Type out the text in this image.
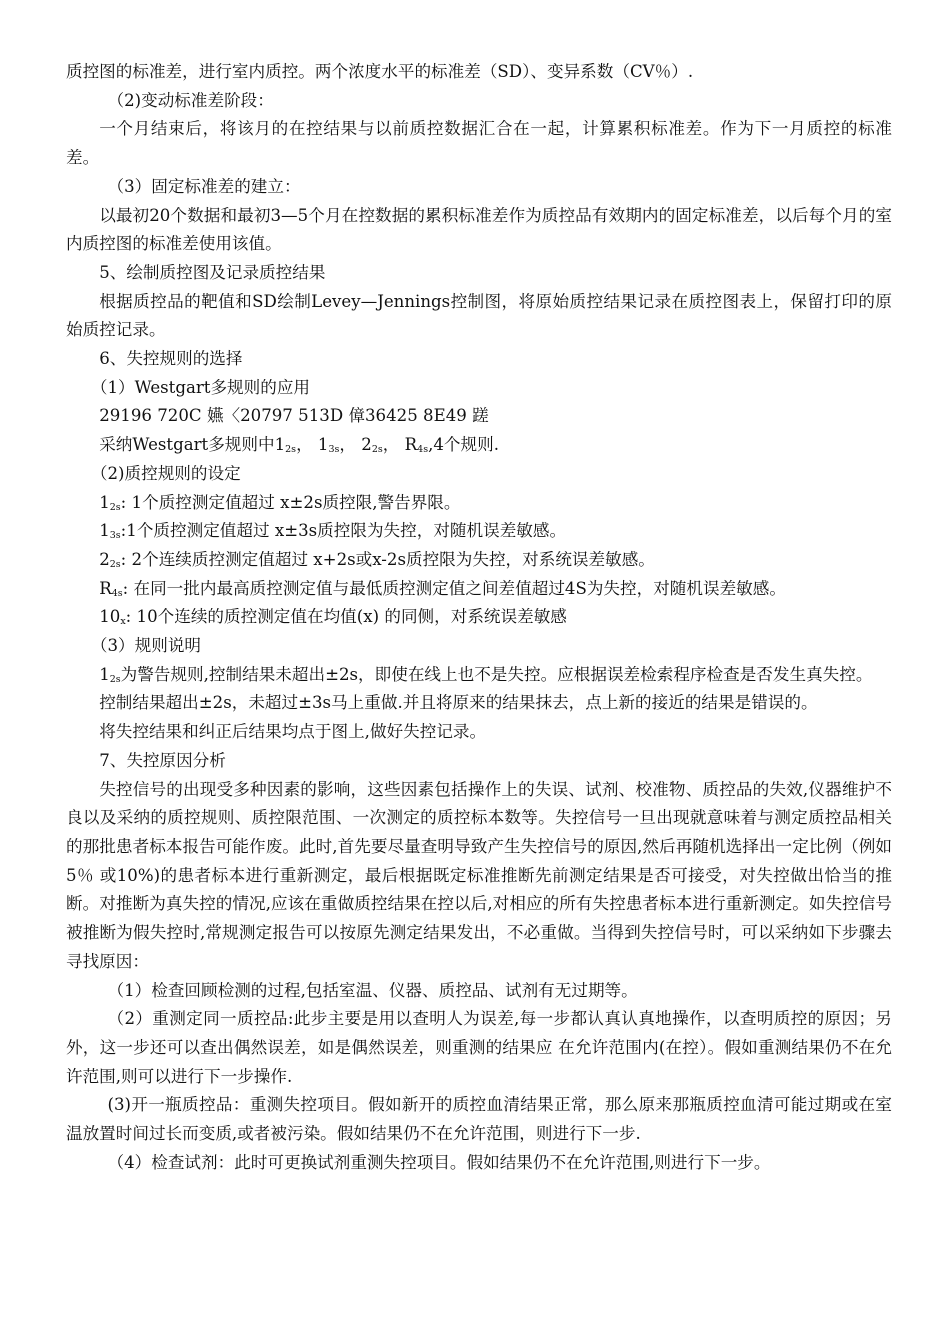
质控图的标准差，进行室内质控。两个浓度水平的标准差（SD）、变异系数（CV％）.

（2)变动标准差阶段：

一个月结束后，将该月的在控结果与以前质控数据汇合在一起，计算累积标准差。作为下一月质控的标准差。

（3）固定标准差的建立：

以最初20个数据和最初3—5个月在控数据的累积标准差作为质控品有效期内的固定标准差，以后每个月的室内质控图的标准差使用该值。

5、绘制质控图及记录质控结果

根据质控品的靶值和SD绘制Levey—Jennings控制图，将原始质控结果记录在质控图表上，保留打印的原始质控记录。

6、失控规则的选择

（1）Westgart多规则的应用

29196 720C 嬿〈20797 513D 傽36425 8E49 蹉

采纳Westgart多规则中$1_{2s}$， $1_{3s}$， $2_{2s}$， $R_{4s},4$个规则.

（2)质控规则的设定

$1_{2s}$: 1个质控测定值超过 x±2s质控限,警告界限。

$1_{3s}:1$个质控测定值超过 x±3s质控限为失控，对随机误差敏感。

$2_{2s}$: 2个连续质控测定值超过 x+2s或x-2s质控限为失控，对系统误差敏感。

$R_{4s}$: 在同一批内最高质控测定值与最低质控测定值之间差值超过4S为失控，对随机误差敏感。

$10_x$: 10个连续的质控测定值在均值(x) 的同侧，对系统误差敏感

（3）规则说明

$1_{2s}$为警告规则,控制结果未超出±2s，即使在线上也不是失控。应根据误差检索程序检查是否发生真失控。

控制结果超出±2s，未超过±3s马上重做.并且将原来的结果抹去，点上新的接近的结果是错误的。

将失控结果和纠正后结果均点于图上,做好失控记录。

7、失控原因分析

失控信号的出现受多种因素的影响，这些因素包括操作上的失误、试剂、校准物、质控品的失效,仪器维护不良以及采纳的质控规则、质控限范围、一次测定的质控标本数等。失控信号一旦出现就意味着与测定质控品相关的那批患者标本报告可能作废。此时,首先要尽量查明导致产生失控信号的原因,然后再随机选择出一定比例（例如5％ 或10%)的患者标本进行重新测定，最后根据既定标准推断先前测定结果是否可接受，对失控做出恰当的推断。对推断为真失控的情况,应该在重做质控结果在控以后,对相应的所有失控患者标本进行重新测定。如失控信号被推断为假失控时,常规测定报告可以按原先测定结果发出，不必重做。当得到失控信号时，可以采纳如下步骤去寻找原因：

（1）检查回顾检测的过程,包括室温、仪器、质控品、试剂有无过期等。

（2）重测定同一质控品:此步主要是用以查明人为误差,每一步都认真认真地操作，以查明质控的原因；另外，这一步还可以查出偶然误差，如是偶然误差，则重测的结果应 在允许范围内(在控）。假如重测结果仍不在允许范围,则可以进行下一步操作.

(3)开一瓶质控品：重测失控项目。假如新开的质控血清结果正常，那么原来那瓶质控血清可能过期或在室温放置时间过长而变质,或者被污染。假如结果仍不在允许范围，则进行下一步.

（4）检查试剂：此时可更换试剂重测失控项目。假如结果仍不在允许范围,则进行下一步。
